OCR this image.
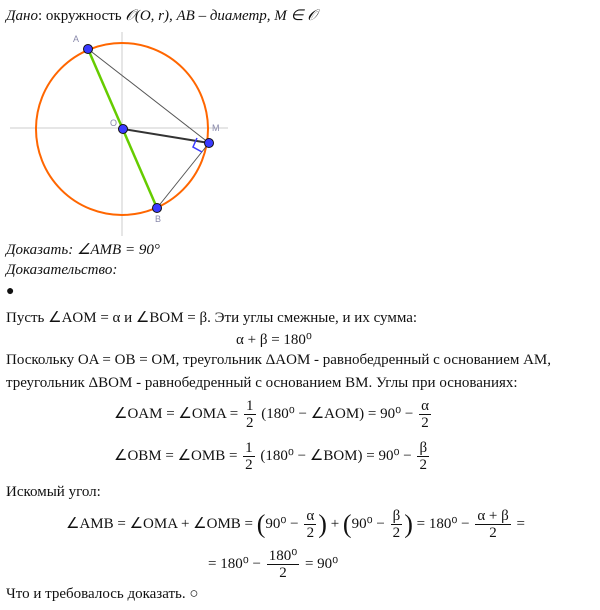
Дано: окружность 𝒪(O, r), AB – диаметр, M ∈ 𝒪
A
O	M
B
Доказать: ∠AMB = 90°
Доказательство:
●
Пусть ∠AOM = α и ∠BOM = β. Эти углы смежные, и их сумма:
α + β = 180⁰
Поскольку OA = OB = OM, треугольник ΔAOM - равнобедренный с основанием AM,
треугольник ΔBOM - равнобедренный с основанием BM. Углы при основаниях:
∠OAM = ∠OMA = $\frac{1}{2} (180^0$ − ∠AOM) = $90^0 - \frac{\alpha}{2}$
∠OBM = ∠OMB = $\frac{1}{2} (180^0$ − ∠BOM) = $90^0 - \frac{\beta}{2}$
Искомый угол:
∠AMB = ∠OMA + ∠OMB = ($90^0 - \frac{\alpha}{2}$ ) + ($90^0 - \frac{\beta}{2}$ ) = $180^0 - \frac{\alpha + \beta}{2}$ =
= $180^0 - \frac{\text{180⁰}}{2} = 90^0$
Что и требовалось доказать. ○
